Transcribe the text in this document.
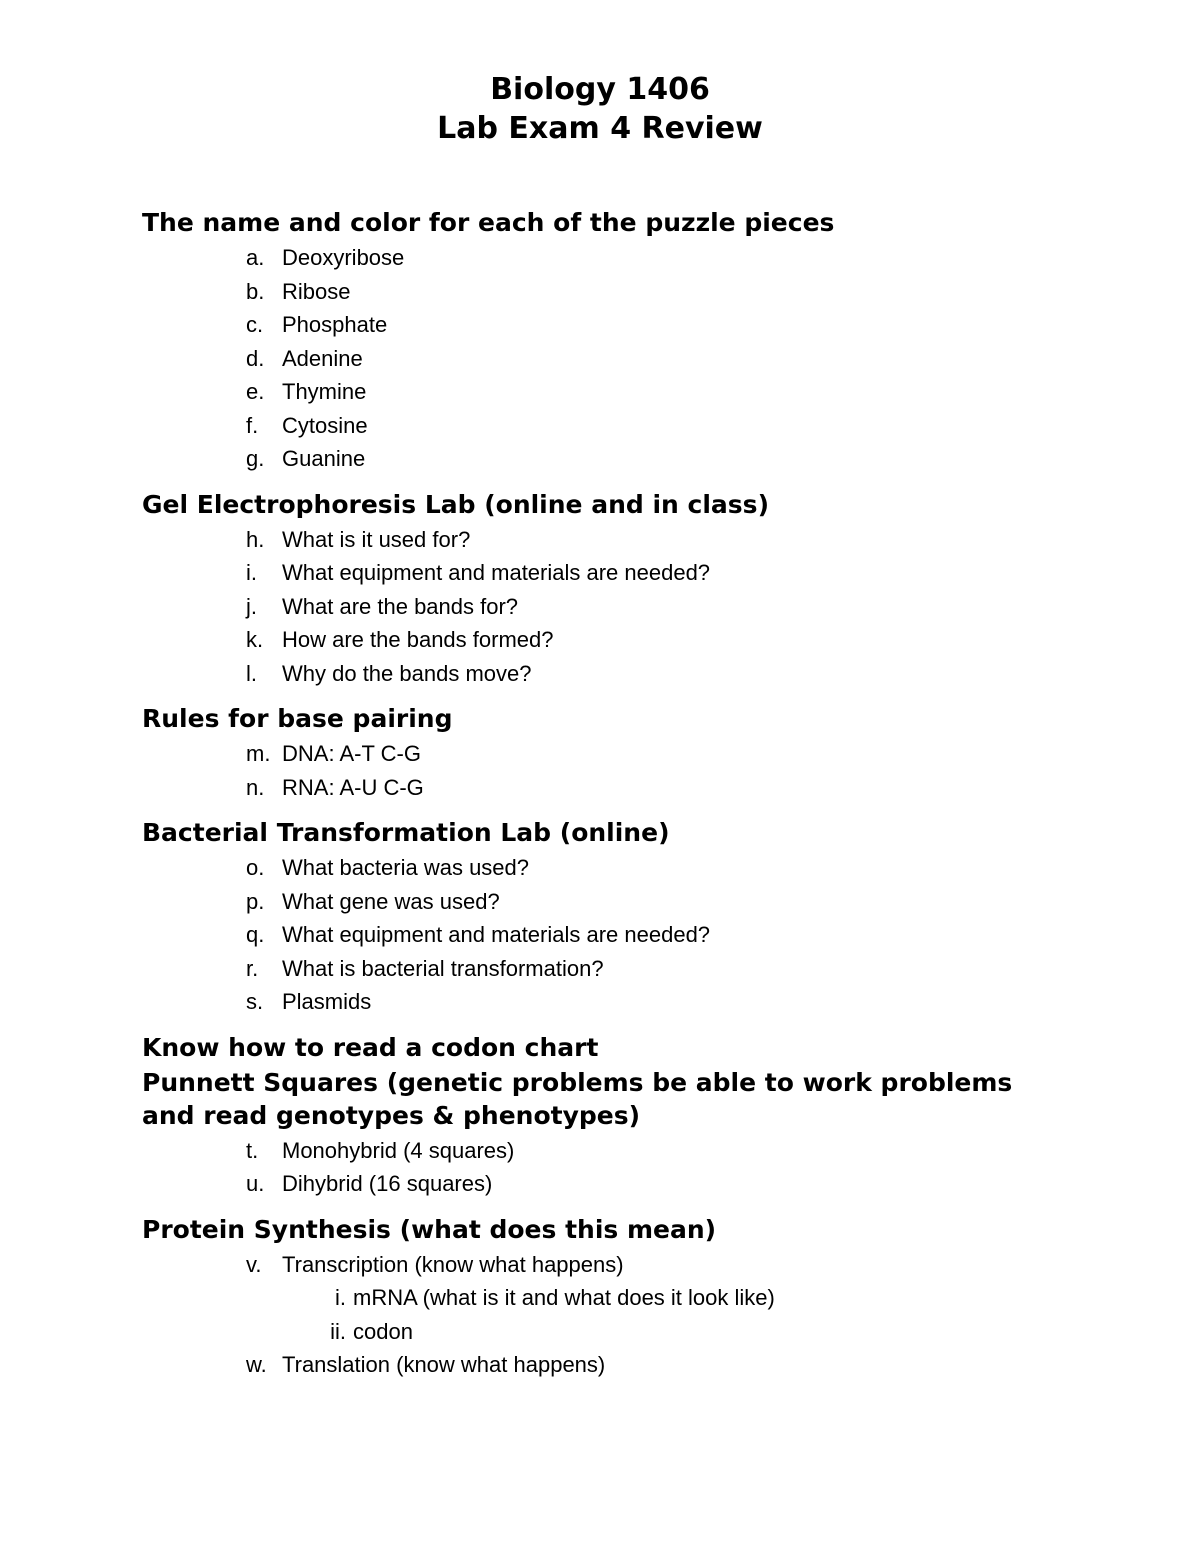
Biology 1406
Lab Exam 4 Review
The name and color for each of the puzzle pieces
a. Deoxyribose
b. Ribose
c. Phosphate
d. Adenine
e. Thymine
f.	Cytosine
g. Guanine
Gel Electrophoresis Lab (online and in class)
h. What is it used for?
i.	What equipment and materials are needed?
j.	What are the bands for?
k. How are the bands formed?
l.	Why do the bands move?
Rules for base pairing
m. DNA: A-T C-G
n. RNA: A-U C-G
Bacterial Transformation Lab (online)
o. What bacteria was used?
p. What gene was used?
q. What equipment and materials are needed?
r.	What is bacterial transformation?
s. Plasmids
Know how to read a codon chart
Punnett Squares (genetic problems be able to work problems
and read genotypes & phenotypes)
t.	Monohybrid (4 squares)
u. Dihybrid (16 squares)
Protein Synthesis (what does this mean)
v. Transcription (know what happens)
i. mRNA (what is it and what does it look like)
ii. codon
w. Translation (know what happens)
